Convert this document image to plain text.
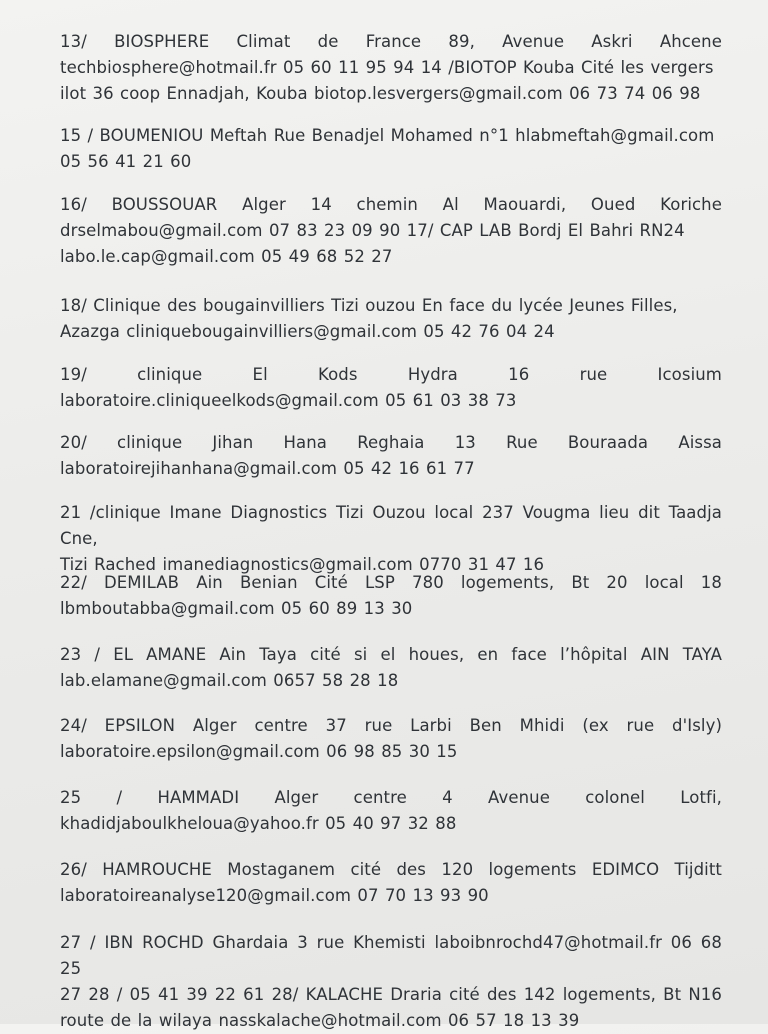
13/ BIOSPHERE Climat de France 89, Avenue Askri Ahcene

techbiosphere@hotmail.fr 05 60 11 95 94 14 /BIOTOP Kouba Cité les vergers

ilot 36 coop Ennadjah, Kouba biotop.lesvergers@gmail.com 06 73 74 06 98

15 / BOUMENIOU Meftah Rue Benadjel Mohamed n°1 hlabmeftah@gmail.com

05 56 41 21 60

16/ BOUSSOUAR Alger 14 chemin Al Maouardi, Oued Koriche

drselmabou@gmail.com 07 83 23 09 90 17/ CAP LAB Bordj El Bahri RN24

labo.le.cap@gmail.com 05 49 68 52 27

18/ Clinique des bougainvilliers Tizi ouzou En face du lycée Jeunes Filles,

Azazga cliniquebougainvilliers@gmail.com 05 42 76 04 24

19/ clinique El Kods Hydra 16 rue Icosium

laboratoire.cliniqueelkods@gmail.com 05 61 03 38 73

20/ clinique Jihan Hana Reghaia 13 Rue Bouraada Aissa

laboratoirejihanhana@gmail.com 05 42 16 61 77

21 /clinique Imane Diagnostics Tizi Ouzou local 237 Vougma lieu dit Taadja Cne,

Tizi Rached imanediagnostics@gmail.com 0770 31 47 16

22/ DEMILAB Ain Benian Cité LSP 780 logements, Bt 20 local 18

lbmboutabba@gmail.com 05 60 89 13 30

23 / EL AMANE Ain Taya cité si el houes, en face l’hôpital AIN TAYA

lab.elamane@gmail.com 0657 58 28 18

24/ EPSILON Alger centre 37 rue Larbi Ben Mhidi (ex rue d'Isly)

laboratoire.epsilon@gmail.com 06 98 85 30 15

25 / HAMMADI Alger centre 4 Avenue colonel Lotfi,

khadidjaboulkheloua@yahoo.fr 05 40 97 32 88

26/ HAMROUCHE Mostaganem cité des 120 logements EDIMCO Tijditt

laboratoireanalyse120@gmail.com 07 70 13 93 90

27 / IBN ROCHD Ghardaia 3 rue Khemisti laboibnrochd47@hotmail.fr 06 68 25

27 28 / 05 41 39 22 61 28/ KALACHE Draria cité des 142 logements, Bt N16

route de la wilaya nasskalache@hotmail.com 06 57 18 13 39
